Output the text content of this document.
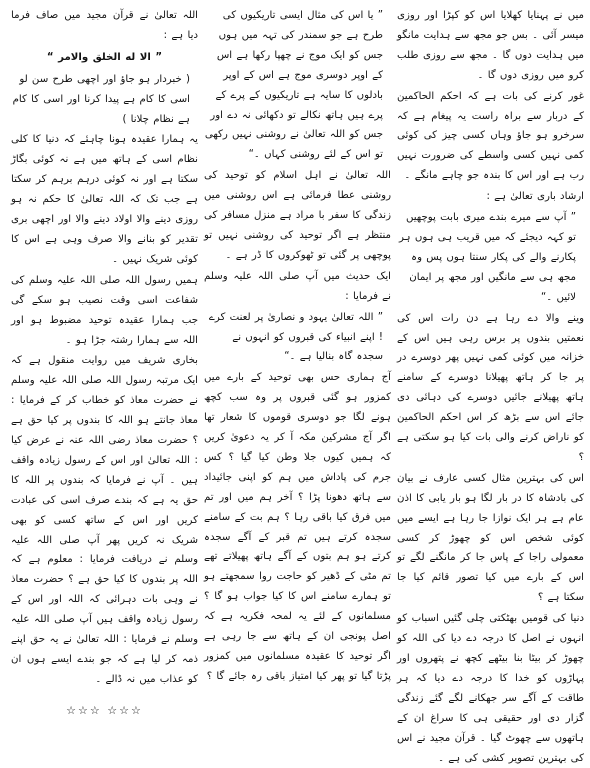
میں نے پہنایا کھلایا اس کو کپڑا اور روزی میسر آئی ۔ بس جو مجھ سے ہدایت مانگو میں ہدایت دوں گا ۔ مجھ سے روزی طلب کرو میں روزی دوں گا ۔

غور کرنے کی بات ہے کہ احکم الحاکمین کے دربار سے براہ راست یہ پیغام ہے کہ سرخرو ہو جاؤ وہاں کسی چیز کی کوئی کمی نہیں کسی واسطے کی ضرورت نہیں رب ہے اور اس کا بندہ جو چاہے مانگے ۔

ارشاد باری تعالیٰ ہے :

” آپ سے میرے بندے میری بابت پوچھیں تو کہہ دیجئے کہ میں قریب ہی ہوں ہر پکارنے والے کی پکار سنتا ہوں پس وہ مجھ ہی سے مانگیں اور مجھ پر ایمان لائیں ۔“

وینے والا دے رہا ہے دن رات اس کی نعمتیں بندوں پر برس رہی ہیں اس کے خزانہ میں کوئی کمی نہیں پھر دوسرے در پر جا کر ہاتھ پھیلانا دوسرے کے سامنے ہاتھ پھیلانے جائیں دوسرے کی دہائی دی جائے اس سے بڑھ کر اس احکم الحاکمین کو ناراض کرنے والی بات کیا ہو سکتی ہے ؟

اس کی بہترین مثال کسی عارف نے بیان کی بادشاہ کا در بار لگا ہو بار یابی کا اذن عام ہے ہر ایک نوازا جا رہا ہے ایسے میں کوئی شخص اس کو چھوڑ کر کسی معمولی راجا کے پاس جا کر مانگنے لگے تو اس کے بارے میں کیا تصور قائم کیا جا سکتا ہے ؟

دنیا کی قومیں بھٹکتی چلی گئیں اسباب کو انہوں نے اصل کا درجہ دے دیا کی اللہ کو چھوڑ کر بیٹا بنا بیٹھے کچھ نے پتھروں اور پہاڑوں کو خدا کا درجہ دے دیا کہ ہر طاقت کے آگے سر جھکانے لگے گئے زندگی گزار دی اور حقیقی ہی کا سراغ ان کے ہاتھوں سے چھوٹ گیا ۔ قرآن مجید نے اس کی بہترین تصویر کشی کی ہے ۔

” یا اس کی مثال ایسی تاریکیوں کی طرح ہے جو سمندر کی تہہ میں ہوں جس کو ایک موج نے چھپا رکھا ہے اس کے اوپر دوسری موج ہے اس کے اوپر بادلوں کا سایہ ہے تاریکیوں کے پرے کے پرے ہیں ہاتھ نکالے تو دکھائی نہ دے اور جس کو اللہ تعالیٰ نے روشنی نہیں رکھی تو اس کے لئے روشنی کہاں ۔“

اللہ تعالیٰ نے اہل اسلام کو توحید کی روشنی عطا فرمائی ہے اس روشنی میں زندگی کا سفر با مراد ہے منزل مسافر کی منتظر ہے اگر توحید کی روشنی نہیں تو پوچھی پر گئی تو ٹھوکروں کا ڈر ہے ۔

ایک حدیث میں آپ صلی اللہ علیہ وسلم نے فرمایا :

” اللہ تعالیٰ یہود و نصاریٰ پر لعنت کرے ! اپنے انبیاء کی قبروں کو انہوں نے سجدہ گاہ بنالیا ہے ۔“

آج ہماری حس بھی توحید کے بارے میں کمزور ہو گئی قبروں پر وہ سب کچھ ہونے لگا جو دوسری قوموں کا شعار تھا اگر آج مشرکین مکہ آ کر یہ دعویٰ کریں کہ ہمیں کیوں جلا وطن کیا گیا ؟ کس جرم کی پاداش میں ہم کو اپنی جائیداد سے ہاتھ دھونا پڑا ؟ آخر ہم میں اور تم میں فرق کیا باقی رہا ؟ ہم بت کے سامنے سجدہ کرتے ہیں تم قبر کے آگے سجدہ کرتے ہو ہم بتوں کے آگے ہاتھ پھیلاتے تھے تم مٹی کے ڈھیر کو حاجت روا سمجھتے ہو تو ہمارے سامنے اس کا کیا جواب ہو گا ؟ مسلمانوں کے لئے یہ لمحہ فکریہ ہے کہ اصل پونجی ان کے ہاتھ سے جا رہی ہے اگر توحید کا عقیدہ مسلمانوں میں کمزور پڑتا گیا تو پھر کیا امتیاز باقی رہ جائے گا ؟

اللہ تعالیٰ نے قرآن مجید میں صاف فرما دیا ہے :

” الا له الخلق والامر “

( خبردار ہو جاؤ اور اچھی طرح سن لو اسی کا کام ہے پیدا کرنا اور اسی کا کام ہے نظام چلانا )

یہ ہمارا عقیدہ ہونا چاہئے کہ دنیا کا کلی نظام اسی کے ہاتھ میں ہے نہ کوئی بگاڑ سکتا ہے اور نہ کوئی درہم برہم کر سکتا ہے جب تک کہ اللہ تعالیٰ کا حکم نہ ہو روزی دینے والا اولاد دینے والا اور اچھی بری تقدیر کو بنانے والا صرف وہی ہے اس کا کوئی شریک نہیں ۔

ہمیں رسول اللہ صلی اللہ علیہ وسلم کی شفاعت اسی وقت نصیب ہو سکے گی جب ہمارا عقیدہ توحید مضبوط ہو اور اللہ سے ہمارا رشتہ جڑا ہو ۔

بخاری شریف میں روایت منقول ہے کہ ایک مرتبہ رسول اللہ صلی اللہ علیہ وسلم نے حضرت معاذ کو خطاب کر کے فرمایا : معاذ جانتے ہو اللہ کا بندوں پر کیا حق ہے ؟ حضرت معاذ رضی اللہ عنہ نے عرض کیا : اللہ تعالیٰ اور اس کے رسول زیادہ واقف ہیں ۔ آپ نے فرمایا کہ بندوں پر اللہ کا حق یہ ہے کہ بندے صرف اسی کی عبادت کریں اور اس کے ساتھ کسی کو بھی شریک نہ کریں پھر آپ صلی اللہ علیہ وسلم نے دریافت فرمایا : معلوم ہے کہ اللہ پر بندوں کا کیا حق ہے ؟ حضرت معاذ نے وہی بات دہرائی کہ اللہ اور اس کے رسول زیادہ واقف ہیں آپ صلی اللہ علیہ وسلم نے فرمایا : اللہ تعالیٰ نے یہ حق اپنے ذمہ کر لیا ہے کہ جو بندے ایسے ہوں ان کو عذاب میں نہ ڈالے ۔

☆☆☆ ☆☆☆
